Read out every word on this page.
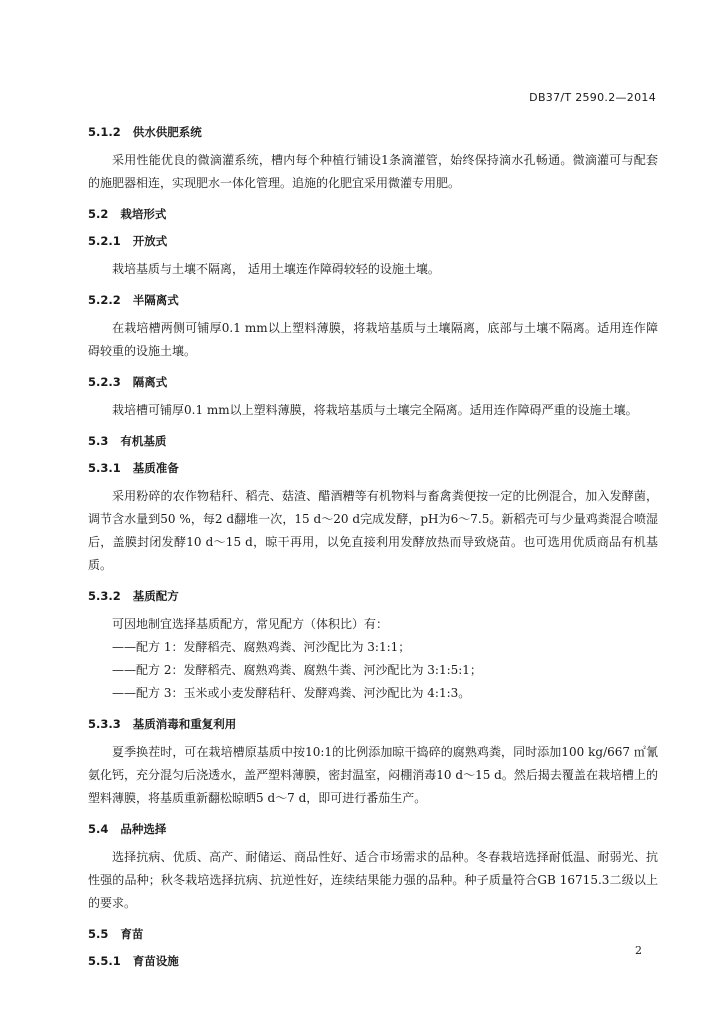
DB37/T 2590.2—2014
5.1.2 供水供肥系统

采用性能优良的微滴灌系统，槽内每个种植行铺设1条滴灌管，始终保持滴水孔畅通。微滴灌可与配套的施肥器相连，实现肥水一体化管理。追施的化肥宜采用微灌专用肥。

5.2 栽培形式
5.2.1 开放式

栽培基质与土壤不隔离， 适用土壤连作障碍较轻的设施土壤。

5.2.2 半隔离式

在栽培槽两侧可铺厚0.1 mm以上塑料薄膜，将栽培基质与土壤隔离，底部与土壤不隔离。适用连作障碍较重的设施土壤。

5.2.3 隔离式

栽培槽可铺厚0.1 mm以上塑料薄膜，将栽培基质与土壤完全隔离。适用连作障碍严重的设施土壤。

5.3 有机基质
5.3.1 基质准备

采用粉碎的农作物秸秆、稻壳、菇渣、醋酒糟等有机物料与畜禽粪便按一定的比例混合，加入发酵菌，调节含水量到50 %，每2 d翻堆一次，15 d～20 d完成发酵，pH为6～7.5。新稻壳可与少量鸡粪混合喷湿后，盖膜封闭发酵10 d～15 d，晾干再用，以免直接利用发酵放热而导致烧苗。也可选用优质商品有机基质。

5.3.2 基质配方

可因地制宜选择基质配方，常见配方（体积比）有：

——配方 1：发酵稻壳、腐熟鸡粪、河沙配比为 3:1:1；

——配方 2：发酵稻壳、腐熟鸡粪、腐熟牛粪、河沙配比为 3:1:5:1；

——配方 3：玉米或小麦发酵秸秆、发酵鸡粪、河沙配比为 4:1:3。

5.3.3 基质消毒和重复利用

夏季换茬时，可在栽培槽原基质中按10:1的比例添加晾干捣碎的腐熟鸡粪，同时添加100 kg/667 ㎡氰氨化钙，充分混匀后浇透水，盖严塑料薄膜，密封温室，闷棚消毒10 d～15 d。然后揭去覆盖在栽培槽上的塑料薄膜，将基质重新翻松晾晒5 d～7 d，即可进行番茄生产。

5.4 品种选择

选择抗病、优质、高产、耐储运、商品性好、适合市场需求的品种。冬春栽培选择耐低温、耐弱光、抗性强的品种；秋冬栽培选择抗病、抗逆性好，连续结果能力强的品种。种子质量符合GB 16715.3二级以上的要求。

5.5 育苗
5.5.1 育苗设施
2
